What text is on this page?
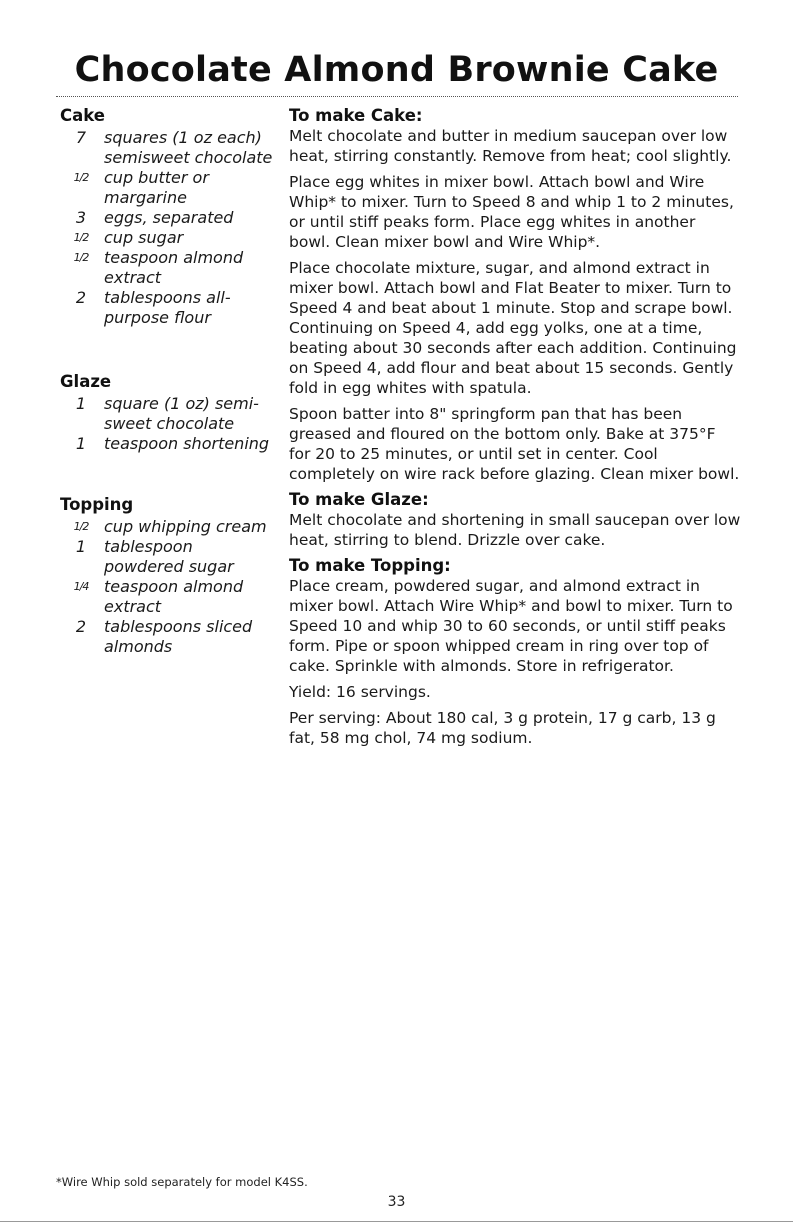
Chocolate Almond Brownie Cake
Cake
7	squares (1 oz each) semisweet chocolate
1/2 cup butter or margarine
3	eggs, separated
1/2 cup sugar
1/2 teaspoon almond extract
2	tablespoons all-purpose flour
Glaze
1	square (1 oz) semi-sweet chocolate
1	teaspoon shortening
Topping
1/2 cup whipping cream
1	tablespoon powdered sugar
1/4 teaspoon almond extract
2	tablespoons sliced almonds
To make Cake:

Melt chocolate and butter in medium saucepan over low heat, stirring constantly. Remove from heat; cool slightly.

Place egg whites in mixer bowl. Attach bowl and Wire Whip* to mixer. Turn to Speed 8 and whip 1 to 2 minutes, or until stiff peaks form. Place egg whites in another bowl. Clean mixer bowl and Wire Whip*.

Place chocolate mixture, sugar, and almond extract in mixer bowl. Attach bowl and Flat Beater to mixer. Turn to Speed 4 and beat about 1 minute. Stop and scrape bowl. Continuing on Speed 4, add egg yolks, one at a time, beating about 30 seconds after each addition. Continuing on Speed 4, add flour and beat about 15 seconds. Gently fold in egg whites with spatula.

Spoon batter into 8" springform pan that has been greased and floured on the bottom only. Bake at 375°F for 20 to 25 minutes, or until set in center. Cool completely on wire rack before glazing. Clean mixer bowl.

To make Glaze:

Melt chocolate and shortening in small saucepan over low heat, stirring to blend. Drizzle over cake.

To make Topping:

Place cream, powdered sugar, and almond extract in mixer bowl. Attach Wire Whip* and bowl to mixer. Turn to Speed 10 and whip 30 to 60 seconds, or until stiff peaks form. Pipe or spoon whipped cream in ring over top of cake. Sprinkle with almonds. Store in refrigerator.

Yield: 16 servings.

Per serving: About 180 cal, 3 g protein, 17 g carb, 13 g fat, 58 mg chol, 74 mg sodium.

*Wire Whip sold separately for model K4SS.
33
